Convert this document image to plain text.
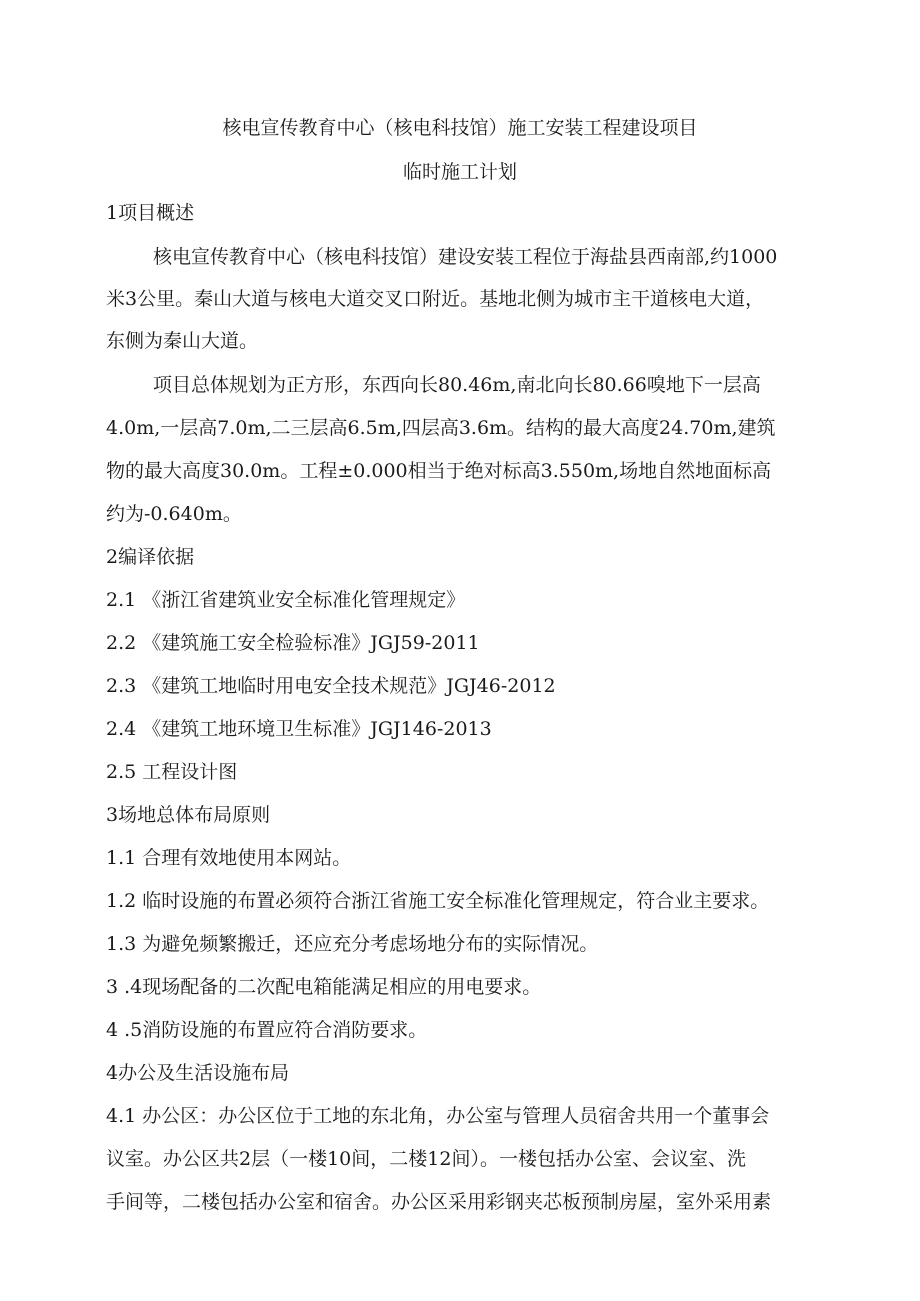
核电宣传教育中心（核电科技馆）施工安装工程建设项目
临时施工计划
1项目概述
核电宣传教育中心（核电科技馆）建设安装工程位于海盐县西南部,约1000
米3公里。秦山大道与核电大道交叉口附近。基地北侧为城市主干道核电大道，
东侧为秦山大道。
项目总体规划为正方形，东西向长80.46m,南北向长80.66嗅地下一层高
4.0m,一层高7.0m,二三层高6.5m,四层高3.6m。结构的最大高度24.70m,建筑
物的最大高度30.0m。工程±0.000相当于绝对标高3.550m,场地自然地面标高
约为-0.640m。
2编译依据
2.1 《浙江省建筑业安全标准化管理规定》
2.2 《建筑施工安全检验标准》JGJ59-2011
2.3 《建筑工地临时用电安全技术规范》JGJ46-2012
2.4 《建筑工地环境卫生标准》JGJ146-2013
2.5 工程设计图
3场地总体布局原则
1.1 合理有效地使用本网站。
1.2 临时设施的布置必须符合浙江省施工安全标准化管理规定，符合业主要求。
1.3 为避免频繁搬迁，还应充分考虑场地分布的实际情况。
3 .4现场配备的二次配电箱能满足相应的用电要求。
4 .5消防设施的布置应符合消防要求。
4办公及生活设施布局
4.1 办公区：办公区位于工地的东北角，办公室与管理人员宿舍共用一个董事会
议室。办公区共2层（一楼10间，二楼12间）。一楼包括办公室、会议室、洗
手间等，二楼包括办公室和宿舍。办公区采用彩钢夹芯板预制房屋，室外采用素
